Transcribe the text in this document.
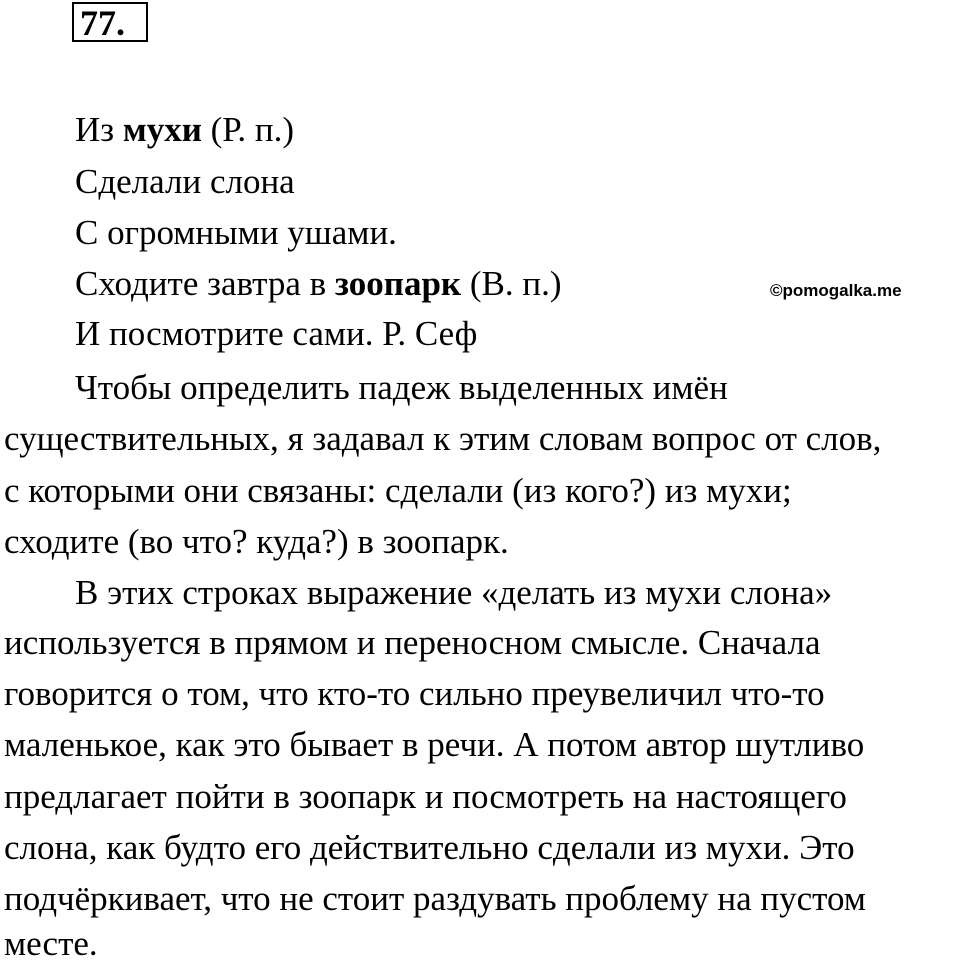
77.
Из мухи (Р. п.)
Сделали слона
С огромными ушами.
Сходите завтра в зоопарк (В. п.)	©pomogalka.me
И посмотрите сами. Р. Сеф
Чтобы определить падеж выделенных имён
существительных, я задавал к этим словам вопрос от слов,
с которыми они связаны: сделали (из кого?) из мухи;
сходите (во что? куда?) в зоопарк.
В этих строках выражение «делать из мухи слона»
используется в прямом и переносном смысле. Сначала
говорится о том, что кто-то сильно преувеличил что-то
маленькое, как это бывает в речи. А потом автор шутливо
предлагает пойти в зоопарк и посмотреть на настоящего
слона, как будто его действительно сделали из мухи. Это
подчёркивает, что не стоит раздувать проблему на пустом
месте.
